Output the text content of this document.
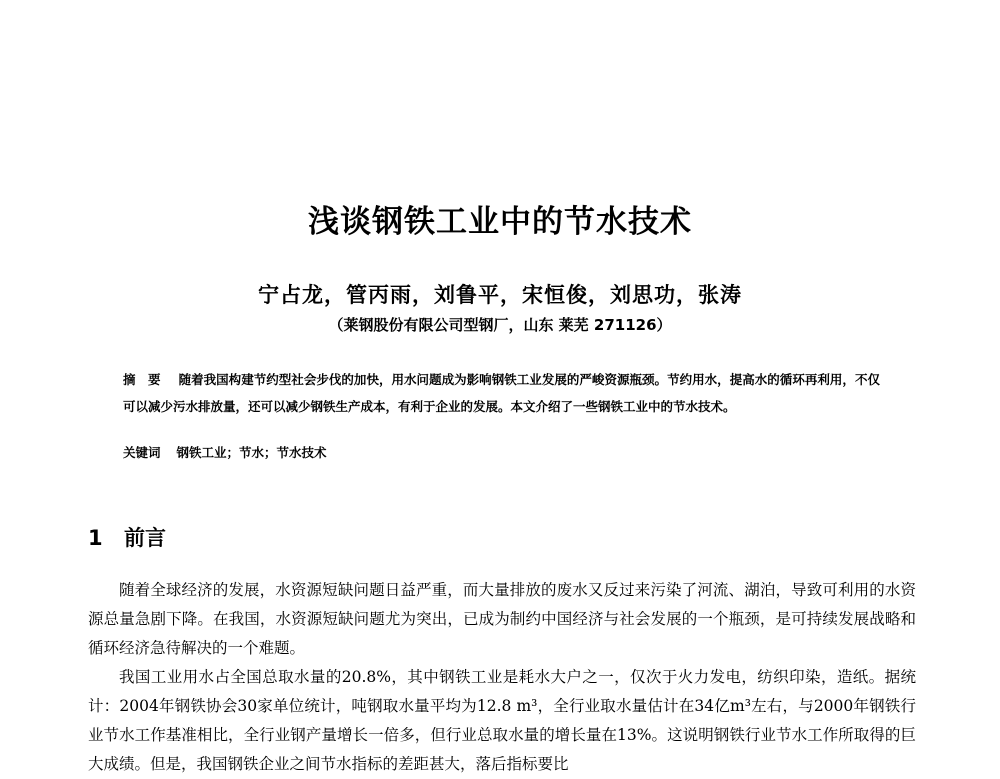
浅谈钢铁工业中的节水技术
宁占龙，管丙雨，刘鲁平，宋恒俊，刘思功，张涛
（莱钢股份有限公司型钢厂，山东 莱芜 271126）
摘　要 随着我国构建节约型社会步伐的加快，用水问题成为影响钢铁工业发展的严峻资源瓶颈。节约用水，提高水的循环再利用，不仅可以减少污水排放量，还可以减少钢铁生产成本，有利于企业的发展。本文介绍了一些钢铁工业中的节水技术。
关键词 钢铁工业；节水；节水技术
1 前言

随着全球经济的发展，水资源短缺问题日益严重，而大量排放的废水又反过来污染了河流、湖泊，导致可利用的水资源总量急剧下降。在我国，水资源短缺问题尤为突出，已成为制约中国经济与社会发展的一个瓶颈，是可持续发展战略和循环经济急待解决的一个难题。

我国工业用水占全国总取水量的20.8%，其中钢铁工业是耗水大户之一，仅次于火力发电，纺织印染，造纸。据统计：2004年钢铁协会30家单位统计，吨钢取水量平均为12.8 m³，全行业取水量估计在34亿m³左右，与2000年钢铁行业节水工作基准相比，全行业钢产量增长一倍多，但行业总取水量的增长量在13%。这说明钢铁行业节水工作所取得的巨大成绩。但是，我国钢铁企业之间节水指标的差距甚大，落后指标要比
